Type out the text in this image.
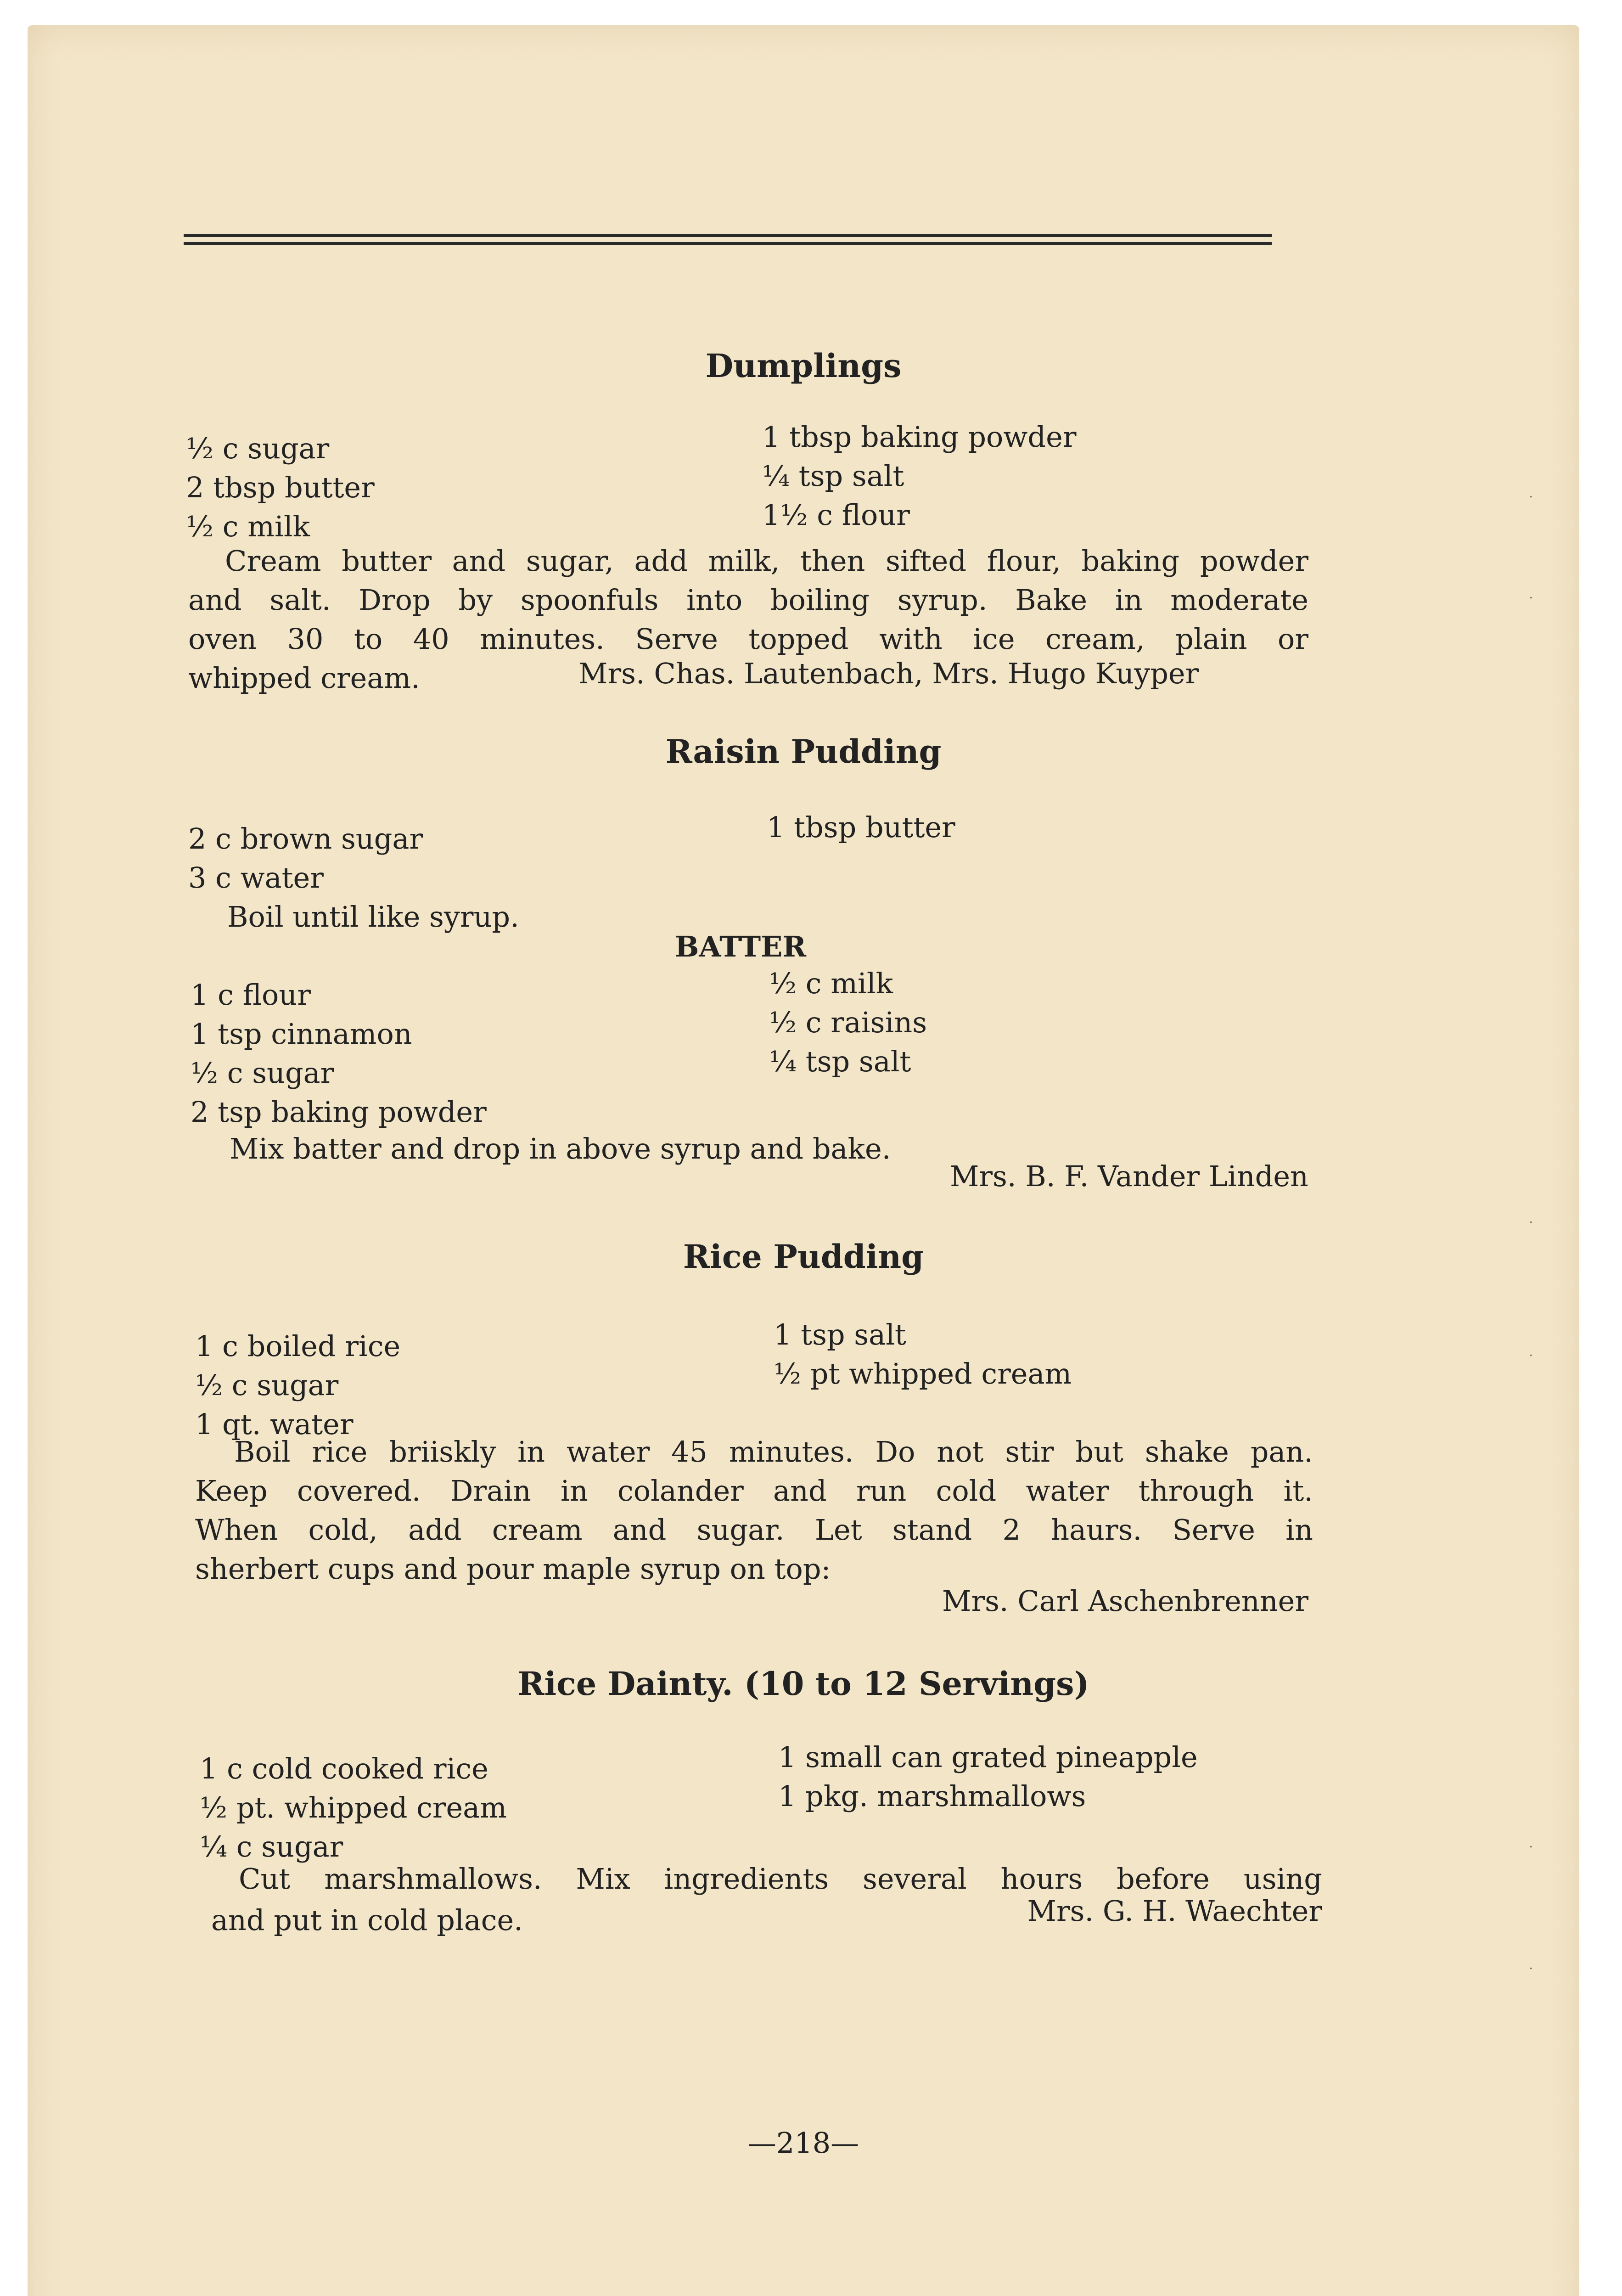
Dumplings
½ c sugar
2 tbsp butter
½ c milk
1 tbsp baking powder
¼ tsp salt
1½ c flour
Cream butter and sugar, add milk, then sifted flour, baking powder
and salt. Drop by spoonfuls into boiling syrup. Bake in moderate
oven 30 to 40 minutes. Serve topped with ice cream, plain or
whipped cream.	Mrs. Chas. Lautenbach, Mrs. Hugo Kuyper
Raisin Pudding
2 c brown sugar
3 c water
1 tbsp butter
Boil until like syrup.
BATTER
1 c flour
1 tsp cinnamon
½ c sugar
2 tsp baking powder
½ c milk
½ c raisins
¼ tsp salt
Mix batter and drop in above syrup and bake.
Mrs. B. F. Vander Linden
Rice Pudding
1 c boiled rice
½ c sugar
1 qt. water
1 tsp salt
½ pt whipped cream
Boil rice briiskly in water 45 minutes. Do not stir but shake pan.
Keep covered. Drain in colander and run cold water through it.
When cold, add cream and sugar. Let stand 2 haurs. Serve in
sherbert cups and pour maple syrup on top:
Mrs. Carl Aschenbrenner
Rice Dainty. (10 to 12 Servings)
1 c cold cooked rice
½ pt. whipped cream
¼ c sugar
1 small can grated pineapple
1 pkg. marshmallows
Cut marshmallows. Mix ingredients several hours before using
and put in cold place.	Mrs. G. H. Waechter
—218—
·
·
·
·
·
·
